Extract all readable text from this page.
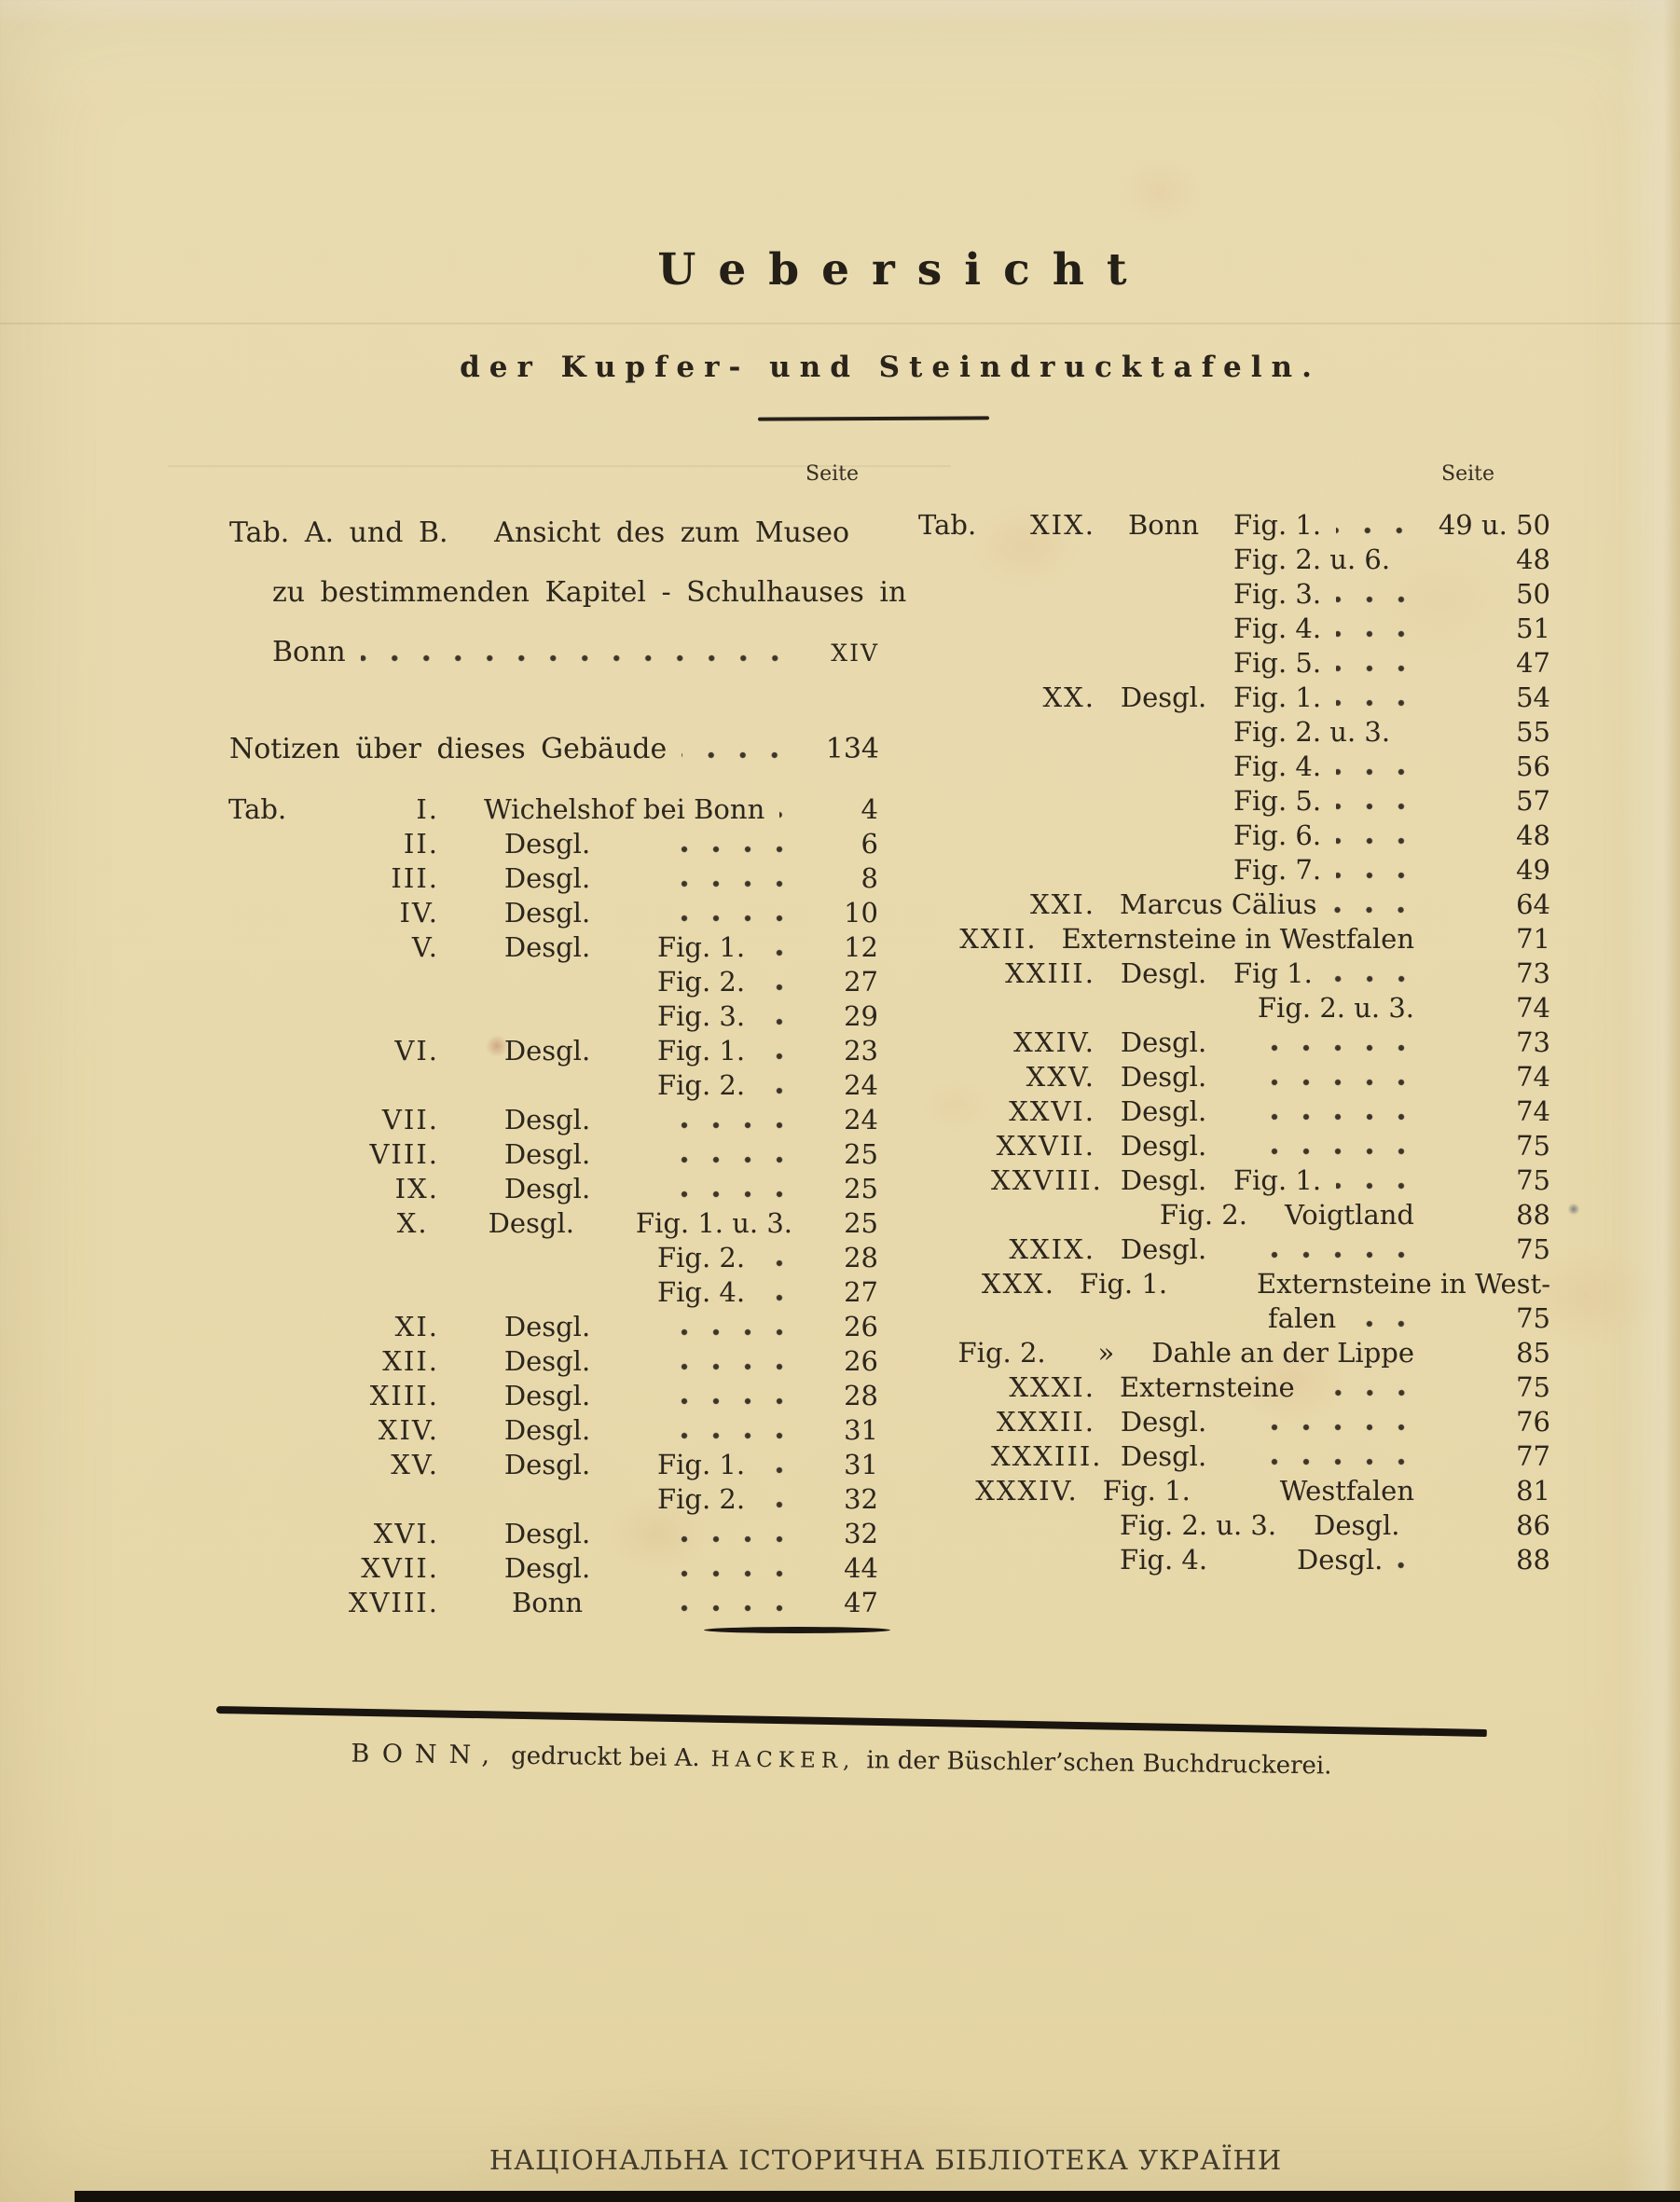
Uebersicht
der Kupfer- und Steindrucktafeln.
Seite	Seite
Tab. A. und B.   Ansicht des zum Museo
zu bestimmenden Kapitel - Schulhauses in
Bonn	XIV
Notizen über dieses Gebäude	134
Tab.	I.	Wichelshof bei Bonn	4
II.	Desgl.	6
III.	Desgl.	8
IV.	Desgl.	10
V.	Desgl.	Fig. 1.	12
Fig. 2.	27
Fig. 3.	29
VI.	Desgl.	Fig. 1.	23
Fig. 2.	24
VII.	Desgl.	24
VIII.	Desgl.	25
IX.	Desgl.	25
X.	Desgl.	Fig. 1. u. 3.	25
Fig. 2.	28
Fig. 4.	27
XI.	Desgl.	26
XII.	Desgl.	26
XIII.	Desgl.	28
XIV.	Desgl.	31
XV.	Desgl.	Fig. 1.	31
Fig. 2.	32
XVI.	Desgl.	32
XVII.	Desgl.	44
XVIII.	Bonn	47
Tab.	XIX.	Bonn	Fig. 1.	49 u. 50
Fig. 2. u. 6.	48
Fig. 3.	50
Fig. 4.	51
Fig. 5.	47
XX. Desgl. Fig. 1.	54
Fig. 2. u. 3.	55
Fig. 4.	56
Fig. 5.	57
Fig. 6.	48
Fig. 7.	49
XXI. Marcus Cälius	64
XXII. Externsteine in Westfalen	71
XXIII. Desgl. Fig 1.	73
Fig. 2. u. 3.	74
XXIV. Desgl.	73
XXV. Desgl.	74
XXVI. Desgl.	74
XXVII. Desgl.	75
XXVIII. Desgl. Fig. 1.	75
Fig. 2.	Voigtland	88
XXIX. Desgl.	75
XXX. Fig. 1.	Externsteine in West-
falen	75
Fig. 2.	»	Dahle an der Lippe	85
XXXI. Externsteine	75
XXXII. Desgl.	76
XXXIII. Desgl.	77
XXXIV. Fig. 1.	Westfalen	81
Fig. 2. u. 3.	Desgl.	86
Fig. 4.	Desgl.	88
BONN, gedruckt bei A. HACKER, in der Büschler’schen Buchdruckerei.
НАЦІОНАЛЬНА ІСТОРИЧНА БІБЛІОТЕКА УКРАЇНИ
